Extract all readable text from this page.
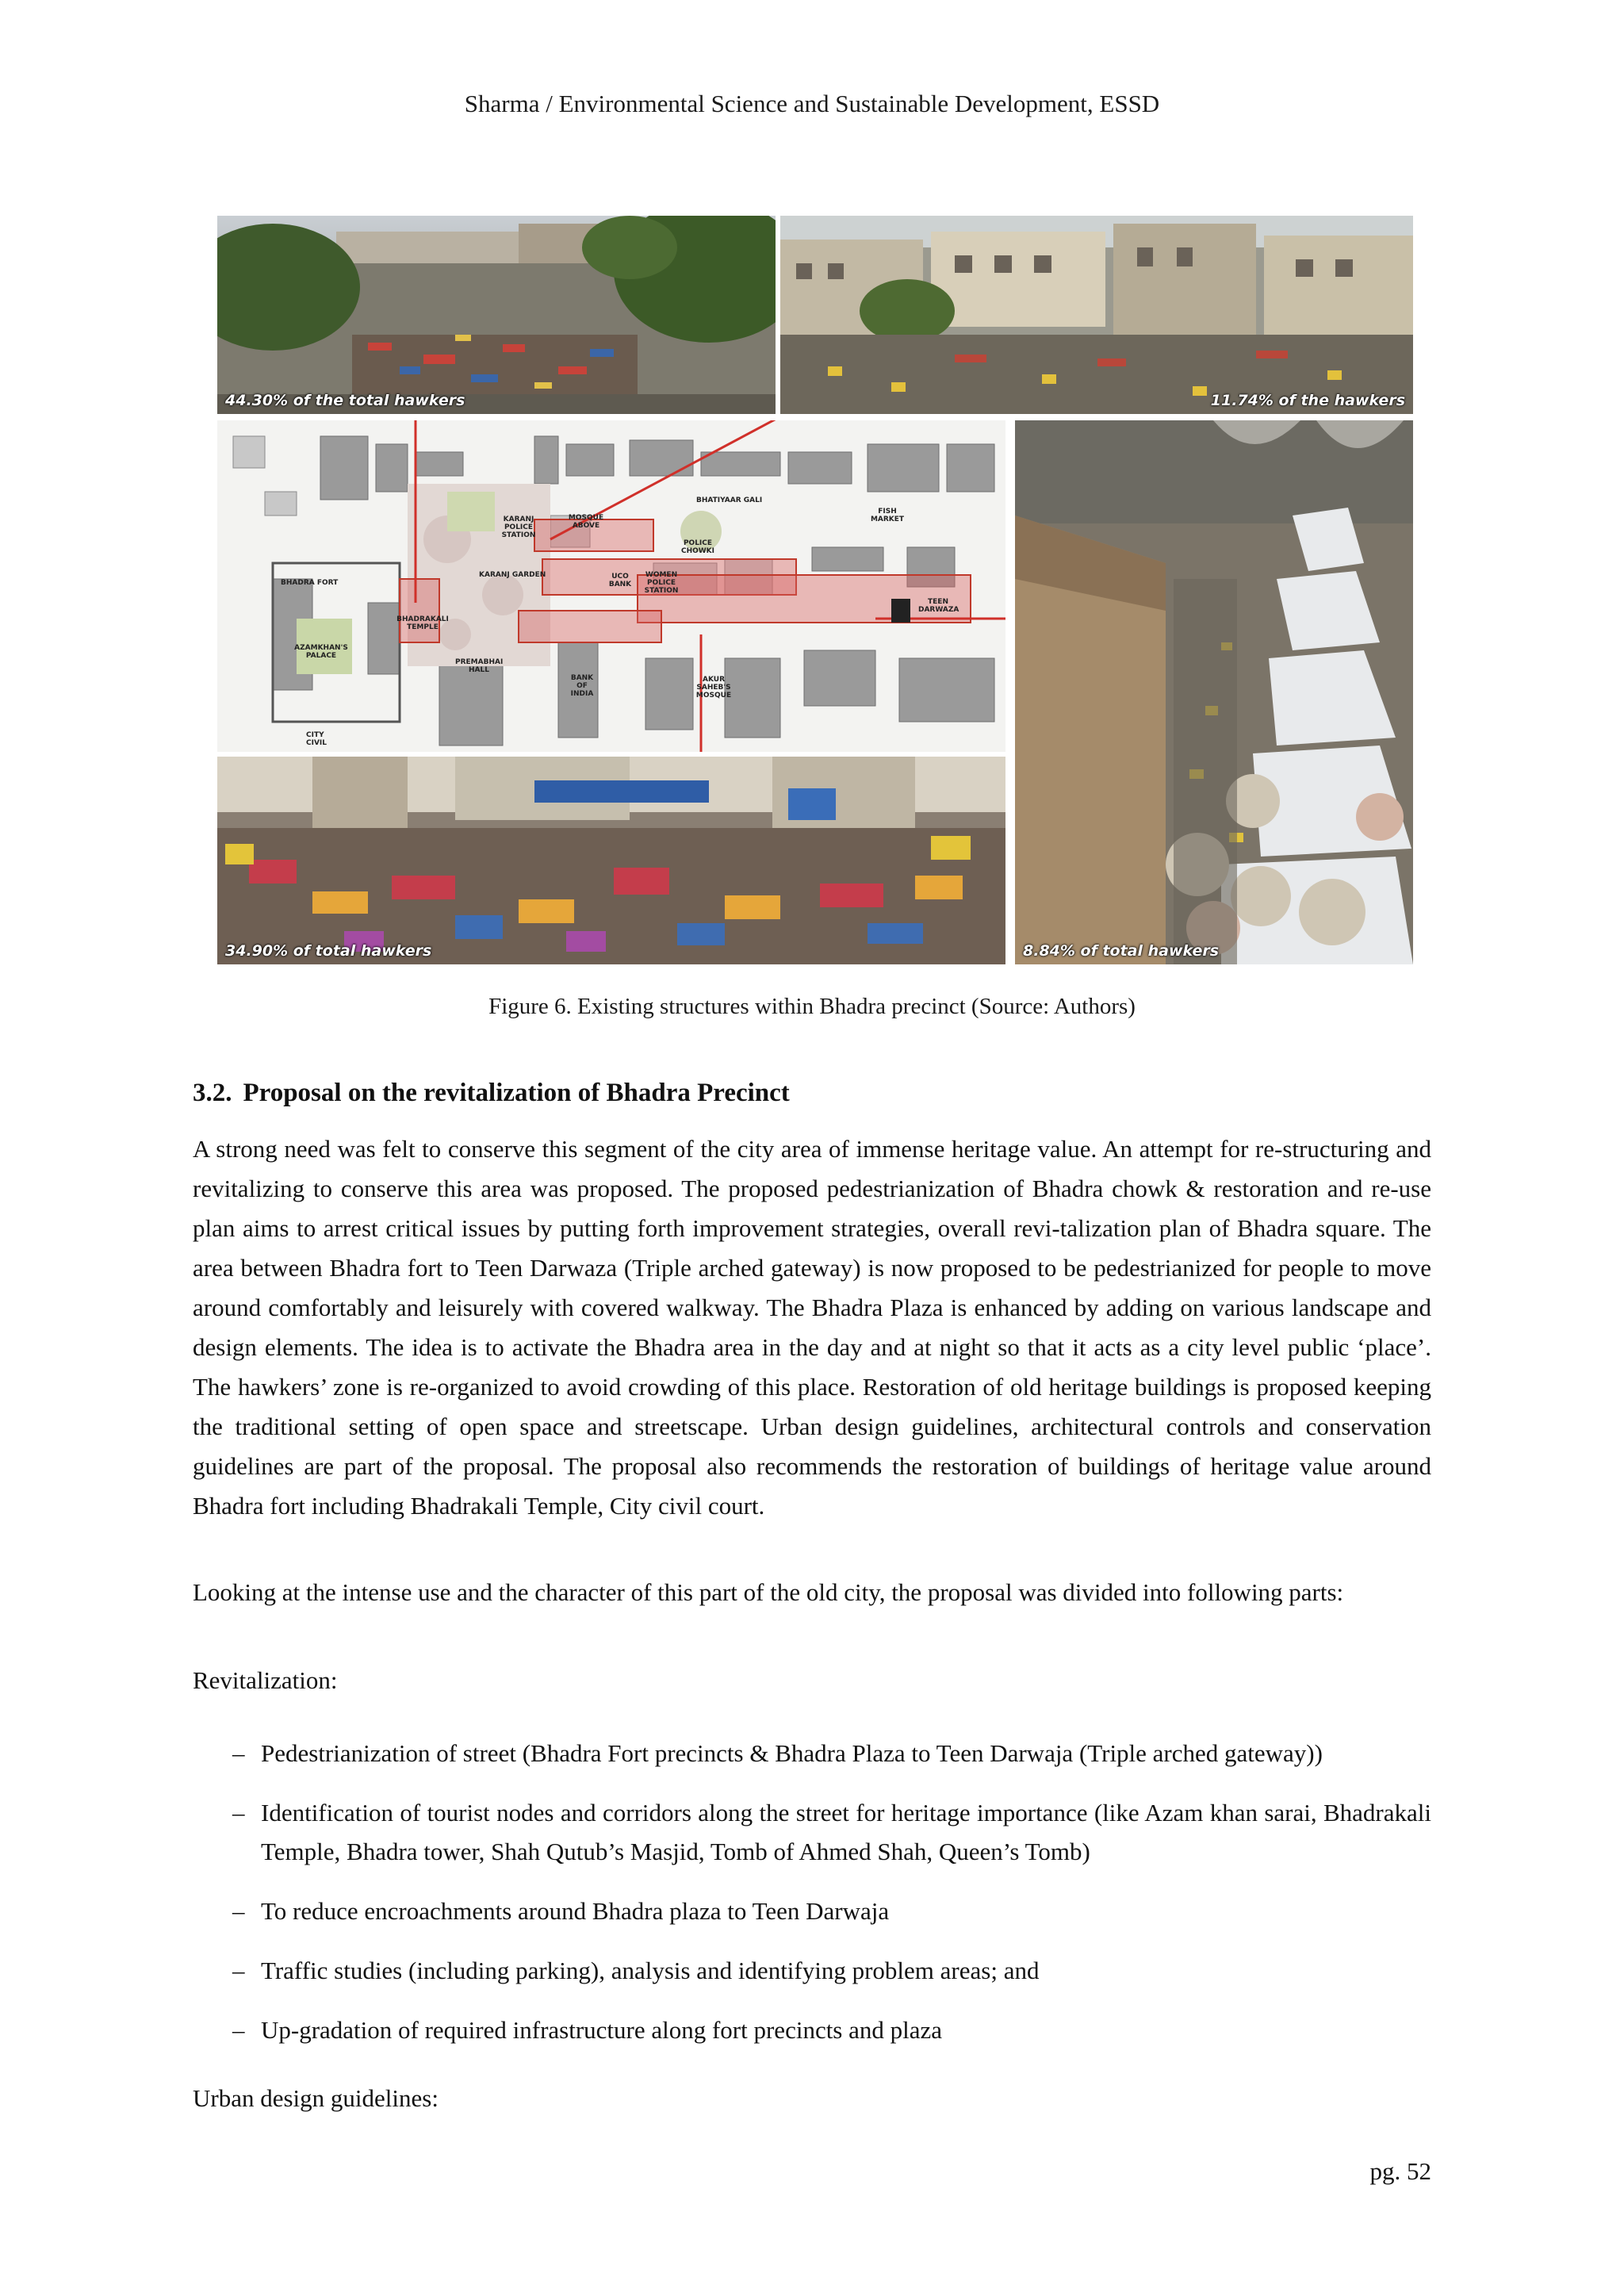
Sharma / Environmental Science and Sustainable Development, ESSD
44.30% of the total hawkers	11.74% of the hawkers
BHATIYAAR GALI
FISH MARKET
KARANJ POLICE STATION
MOSQUE ABOVE
POLICE CHOWKI
BHADRA FORT
KARANJ GARDEN	UCO BANK
WOMEN POLICE STATION
TEEN DARWAZA
BHADRAKALI TEMPLE
AZAMKHAN'S PALACE
PREMABHAI HALL
BANK OF INDIA
AKUR SAHEB'S MOSQUE
CITY CIVIL
34.90% of total hawkers	8.84% of total hawkers
Figure 6. Existing structures within Bhadra precinct (Source: Authors)
3.2. Proposal on the revitalization of Bhadra Precinct

A strong need was felt to conserve this segment of the city area of immense heritage value. An attempt for re-structuring and revitalizing to conserve this area was proposed. The proposed pedestrianization of Bhadra chowk & restoration and re-use plan aims to arrest critical issues by putting forth improvement strategies, overall revi-talization plan of Bhadra square. The area between Bhadra fort to Teen Darwaza (Triple arched gateway) is now proposed to be pedestrianized for people to move around comfortably and leisurely with covered walkway. The Bhadra Plaza is enhanced by adding on various landscape and design elements. The idea is to activate the Bhadra area in the day and at night so that it acts as a city level public ‘place’. The hawkers’ zone is re-organized to avoid crowding of this place. Restoration of old heritage buildings is proposed keeping the traditional setting of open space and streetscape. Urban design guidelines, architectural controls and conservation guidelines are part of the proposal. The proposal also recommends the restoration of buildings of heritage value around Bhadra fort including Bhadrakali Temple, City civil court.

Looking at the intense use and the character of this part of the old city, the proposal was divided into following parts:

Revitalization:

– Pedestrianization of street (Bhadra Fort precincts & Bhadra Plaza to Teen Darwaja (Triple arched gateway))
– Identification of tourist nodes and corridors along the street for heritage importance (like Azam khan sarai, Bhadrakali Temple, Bhadra tower, Shah Qutub’s Masjid, Tomb of Ahmed Shah, Queen’s Tomb)
– To reduce encroachments around Bhadra plaza to Teen Darwaja
– Traffic studies (including parking), analysis and identifying problem areas; and
– Up-gradation of required infrastructure along fort precincts and plaza
Urban design guidelines:
pg. 52
